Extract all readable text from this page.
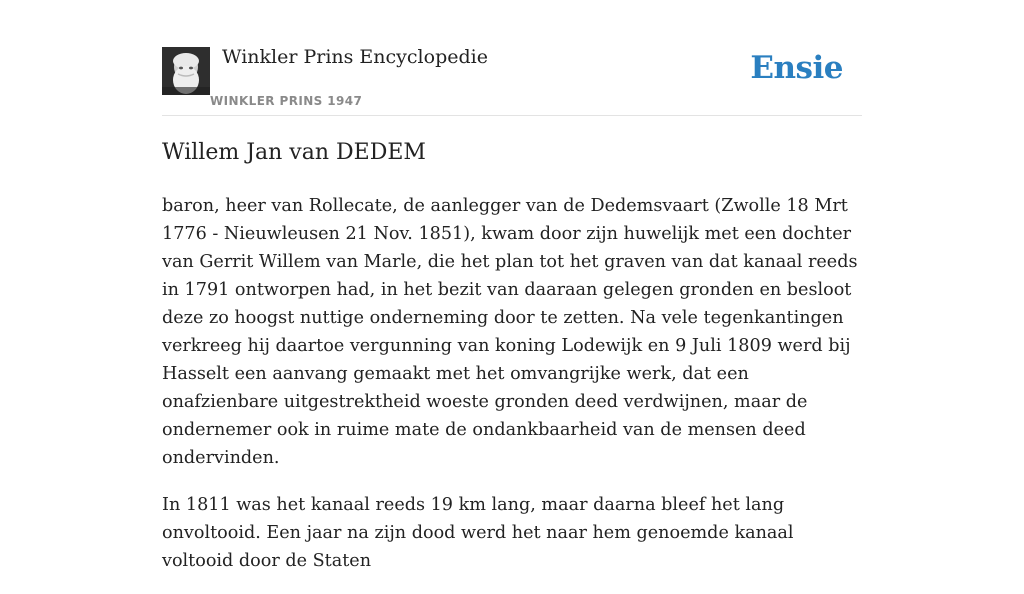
Winkler Prins Encyclopedie
WINKLER PRINS 1947
Ensie
Willem Jan van DEDEM

baron, heer van Rollecate, de aanlegger van de Dedemsvaart (Zwolle 18 Mrt 1776 - Nieuwleusen 21 Nov. 1851), kwam door zijn huwelijk met een dochter van Gerrit Willem van Marle, die het plan tot het graven van dat kanaal reeds in 1791 ontworpen had, in het bezit van daaraan gelegen gronden en besloot deze zo hoogst nuttige onderneming door te zetten. Na vele tegenkantingen verkreeg hij daartoe vergunning van koning Lodewijk en 9 Juli 1809 werd bij Hasselt een aanvang gemaakt met het omvangrijke werk, dat een onafzienbare uitgestrektheid woeste gronden deed verdwijnen, maar de ondernemer ook in ruime mate de ondankbaarheid van de mensen deed ondervinden.

In 1811 was het kanaal reeds 19 km lang, maar daarna bleef het lang onvoltooid. Een jaar na zijn dood werd het naar hem genoemde kanaal voltooid door de Staten
